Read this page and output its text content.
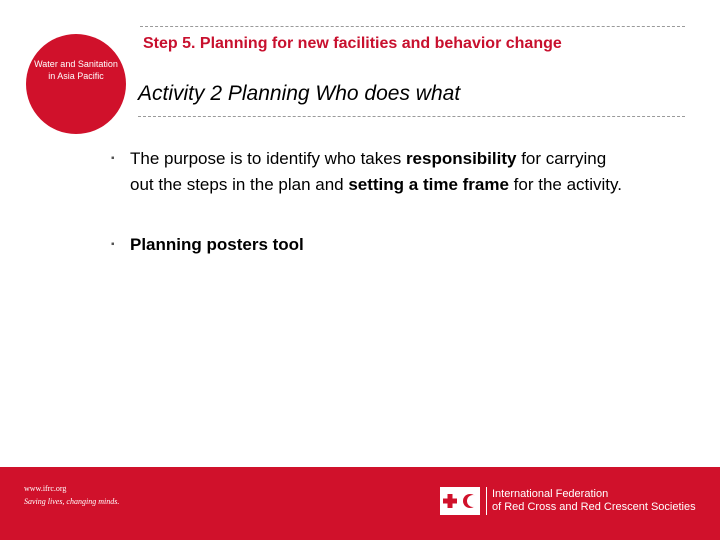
Step 5. Planning for new facilities and behavior change
Water and Sanitation in Asia Pacific
Activity 2 Planning Who does what
▪ The purpose is to identify who takes responsibility for carrying out the steps in the plan and setting a time frame for the activity.
▪ Planning posters tool
www.ifrc.org
Saving lives, changing minds.
International Federation
of Red Cross and Red Crescent Societies
